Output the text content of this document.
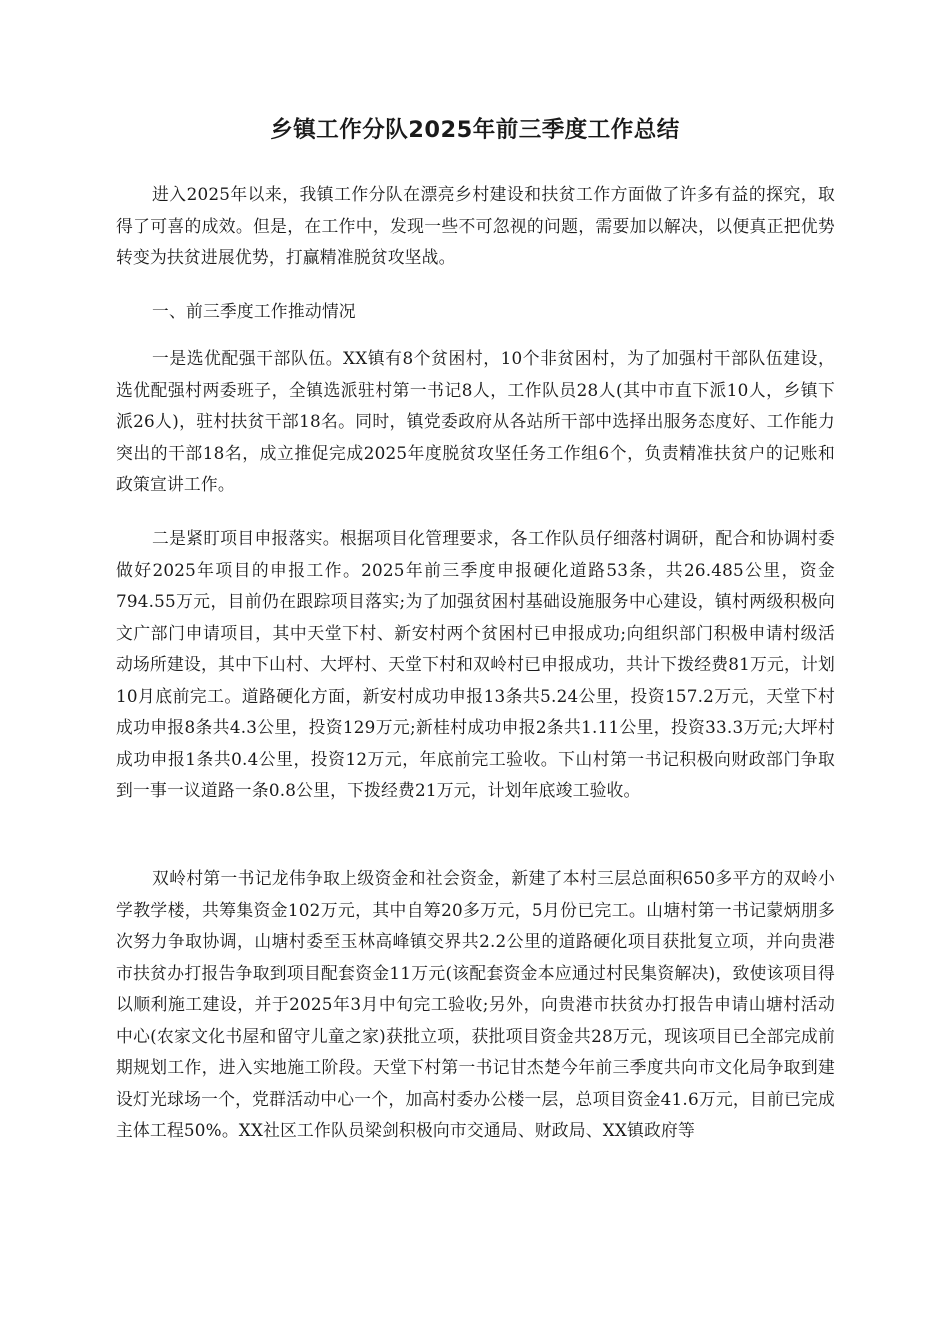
乡镇工作分队2025年前三季度工作总结

进入2025年以来，我镇工作分队在漂亮乡村建设和扶贫工作方面做了许多有益的探究，取得了可喜的成效。但是，在工作中，发现一些不可忽视的问题，需要加以解决，以便真正把优势转变为扶贫进展优势，打赢精准脱贫攻坚战。

一、前三季度工作推动情况

一是选优配强干部队伍。XX镇有8个贫困村，10个非贫困村，为了加强村干部队伍建设，选优配强村两委班子，全镇选派驻村第一书记8人，工作队员28人(其中市直下派10人，乡镇下派26人)，驻村扶贫干部18名。同时，镇党委政府从各站所干部中选择出服务态度好、工作能力突出的干部18名，成立推促完成2025年度脱贫攻坚任务工作组6个，负责精准扶贫户的记账和政策宣讲工作。

二是紧盯项目申报落实。根据项目化管理要求，各工作队员仔细落村调研，配合和协调村委做好2025年项目的申报工作。2025年前三季度申报硬化道路53条，共26.485公里，资金794.55万元，目前仍在跟踪项目落实;为了加强贫困村基础设施服务中心建设，镇村两级积极向文广部门申请项目，其中天堂下村、新安村两个贫困村已申报成功;向组织部门积极申请村级活动场所建设，其中下山村、大坪村、天堂下村和双岭村已申报成功，共计下拨经费81万元，计划10月底前完工。道路硬化方面，新安村成功申报13条共5.24公里，投资157.2万元，天堂下村成功申报8条共4.3公里，投资129万元;新桂村成功申报2条共1.11公里，投资33.3万元;大坪村成功申报1条共0.4公里，投资12万元，年底前完工验收。下山村第一书记积极向财政部门争取到一事一议道路一条0.8公里，下拨经费21万元，计划年底竣工验收。

双岭村第一书记龙伟争取上级资金和社会资金，新建了本村三层总面积650多平方的双岭小学教学楼，共筹集资金102万元，其中自筹20多万元，5月份已完工。山塘村第一书记蒙炳朋多次努力争取协调，山塘村委至玉林高峰镇交界共2.2公里的道路硬化项目获批复立项，并向贵港市扶贫办打报告争取到项目配套资金11万元(该配套资金本应通过村民集资解决)，致使该项目得以顺利施工建设，并于2025年3月中旬完工验收;另外，向贵港市扶贫办打报告申请山塘村活动中心(农家文化书屋和留守儿童之家)获批立项，获批项目资金共28万元，现该项目已全部完成前期规划工作，进入实地施工阶段。天堂下村第一书记甘杰楚今年前三季度共向市文化局争取到建设灯光球场一个，党群活动中心一个，加高村委办公楼一层，总项目资金41.6万元，目前已完成主体工程50%。XX社区工作队员梁剑积极向市交通局、财政局、XX镇政府等
